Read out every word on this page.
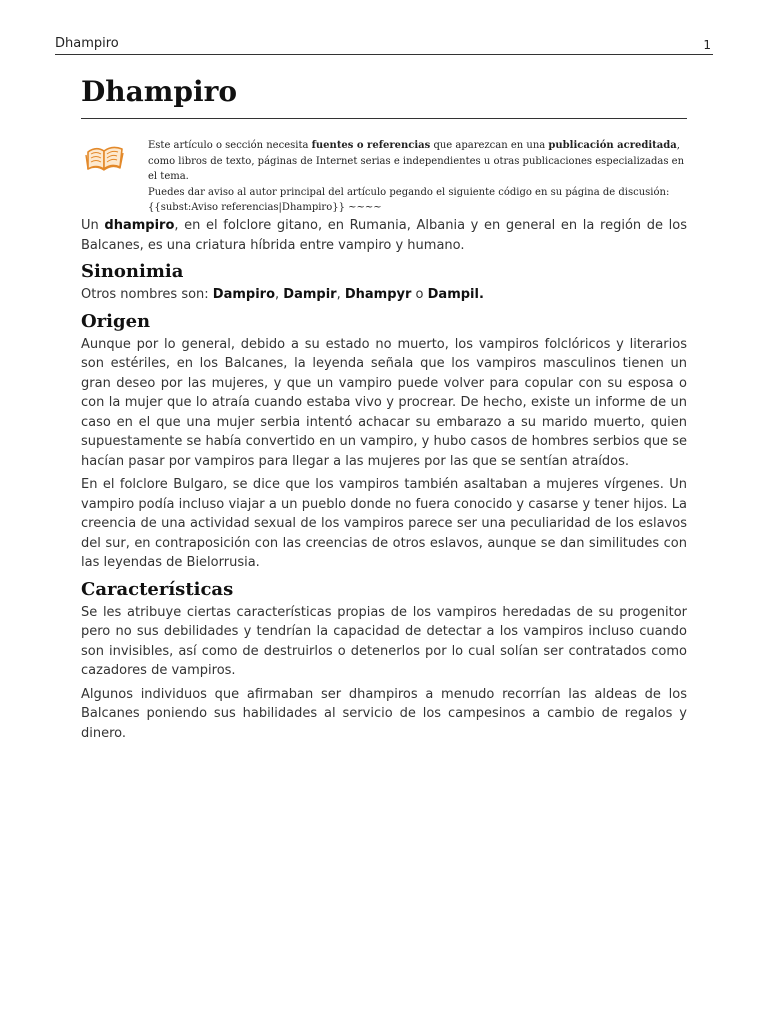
Dhampiro	1
Dhampiro
Este artículo o sección necesita fuentes o referencias que aparezcan en una publicación acreditada, como libros de texto, páginas de Internet serias e independientes u otras publicaciones especializadas en el tema.
Puedes dar aviso al autor principal del artículo pegando el siguiente código en su página de discusión: {{subst:Aviso referencias|Dhampiro}} ~~~~

Un dhampiro, en el folclore gitano, en Rumania, Albania y en general en la región de los Balcanes, es una criatura híbrida entre vampiro y humano.

Sinonimia

Otros nombres son: Dampiro, Dampir, Dhampyr o Dampil.

Origen

Aunque por lo general, debido a su estado no muerto, los vampiros folclóricos y literarios son estériles, en los Balcanes, la leyenda señala que los vampiros masculinos tienen un gran deseo por las mujeres, y que un vampiro puede volver para copular con su esposa o con la mujer que lo atraía cuando estaba vivo y procrear. De hecho, existe un informe de un caso en el que una mujer serbia intentó achacar su embarazo a su marido muerto, quien supuestamente se había convertido en un vampiro, y hubo casos de hombres serbios que se hacían pasar por vampiros para llegar a las mujeres por las que se sentían atraídos.

En el folclore Bulgaro, se dice que los vampiros también asaltaban a mujeres vírgenes. Un vampiro podía incluso viajar a un pueblo donde no fuera conocido y casarse y tener hijos. La creencia de una actividad sexual de los vampiros parece ser una peculiaridad de los eslavos del sur, en contraposición con las creencias de otros eslavos, aunque se dan similitudes con las leyendas de Bielorrusia.

Características

Se les atribuye ciertas características propias de los vampiros heredadas de su progenitor pero no sus debilidades y tendrían la capacidad de detectar a los vampiros incluso cuando son invisibles, así como de destruirlos o detenerlos por lo cual solían ser contratados como cazadores de vampiros.

Algunos individuos que afirmaban ser dhampiros a menudo recorrían las aldeas de los Balcanes poniendo sus habilidades al servicio de los campesinos a cambio de regalos y dinero.
